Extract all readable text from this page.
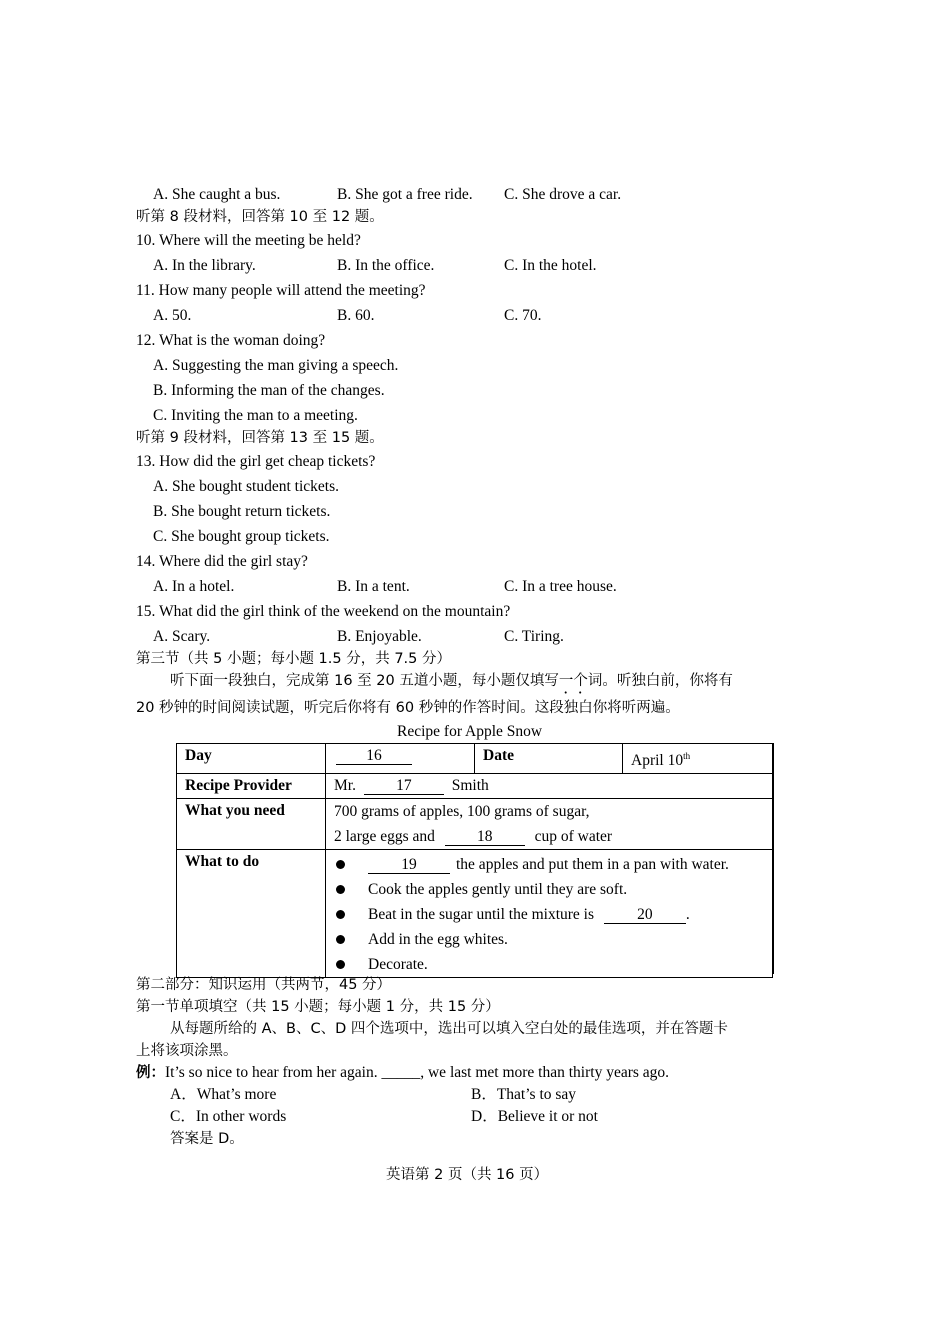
A. She caught a bus.	B. She got a free ride. C. She drove a car.
听第 8 段材料，回答第 10 至 12 题。
10. Where will the meeting be held?
A. In the library.	B. In the office.	C. In the hotel.
11. How many people will attend the meeting?
A. 50.	B. 60.	C. 70.
12. What is the woman doing?
A. Suggesting the man giving a speech.
B. Informing the man of the changes.
C. Inviting the man to a meeting.
听第 9 段材料，回答第 13 至 15 题。
13. How did the girl get cheap tickets?
A. She bought student tickets.
B. She bought return tickets.
C. She bought group tickets.
14. Where did the girl stay?
A. In a hotel.	B. In a tent.	C. In a tree house.
15. What did the girl think of the weekend on the mountain?
A. Scary.	B. Enjoyable.	C. Tiring.
第三节（共 5 小题；每小题 1.5 分，共 7.5 分）
听下面一段独白，完成第 16 至 20 五道小题，每小题仅填写一个词。听独白前，你将有
20 秒钟的时间阅读试题，听完后你将有 60 秒钟的作答时间。这段独白你将听两遍。
Recipe for Apple Snow
Day	16	Date	April 10th
Recipe Provider	Mr. 17 Smith		
What you need	700 grams of apples, 100 grams of sugar,
2 large eggs and 18 cup of water		

What to do	19 the apples and put them in a pan with water.
Cook the apples gently until they are soft.
Beat in the sugar until the mixture is 20 .
Add in the egg whites.
Decorate.		
第二部分：知识运用（共两节，45 分）
第一节单项填空（共 15 小题；每小题 1 分，共 15 分）
从每题所给的 A、B、C、D 四个选项中，选出可以填入空白处的最佳选项，并在答题卡
上将该项涂黑。
例：It’s so nice to hear from her again. _____, we last met more than thirty years ago.
A．What’s more	B．That’s to say
C．In other words	D．Believe it or not
答案是 D。
英语第 2 页（共 16 页）
